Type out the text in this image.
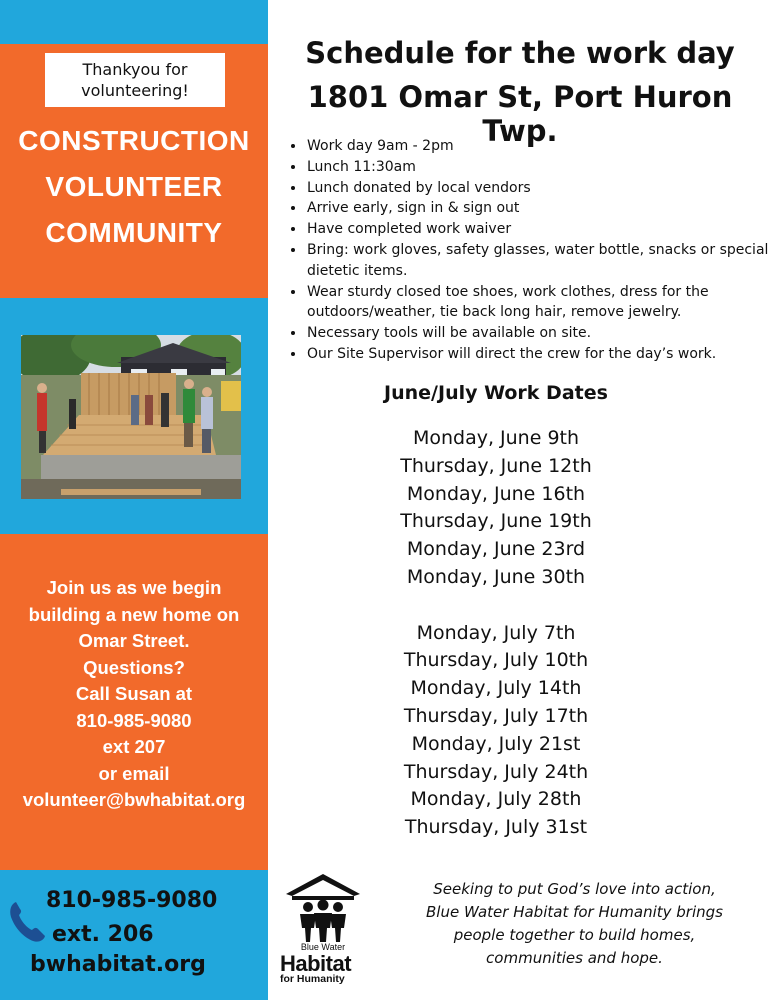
Thankyou for volunteering!
CONSTRUCTION
VOLUNTEER
COMMUNITY
Join us as we begin
building a new home on
Omar Street.
Questions?
Call Susan at
810-985-9080
ext 207
or email
volunteer@bwhabitat.org
810-985-9080
ext. 206
bwhabitat.org
Schedule for the work day
1801 Omar St, Port Huron Twp.
• Work day 9am - 2pm
• Lunch 11:30am
• Lunch donated by local vendors
• Arrive early, sign in & sign out
• Have completed work waiver
• Bring: work gloves, safety glasses, water bottle, snacks or special dietetic items.
• Wear sturdy closed toe shoes, work clothes, dress for the outdoors/weather, tie back long hair, remove jewelry.
• Necessary tools will be available on site.
• Our Site Supervisor will direct the crew for the day’s work.
June/July Work Dates
Monday, June 9th
Thursday, June 12th
Monday, June 16th
Thursday, June 19th
Monday, June 23rd
Monday, June 30th
Monday, July 7th
Thursday, July 10th
Monday, July 14th
Thursday, July 17th
Monday, July 21st
Thursday, July 24th
Monday, July 28th
Thursday, July 31st
Blue Water
Habitat
for Humanity
Seeking to put God’s love into action,
Blue Water Habitat for Humanity brings
people together to build homes,
communities and hope.
